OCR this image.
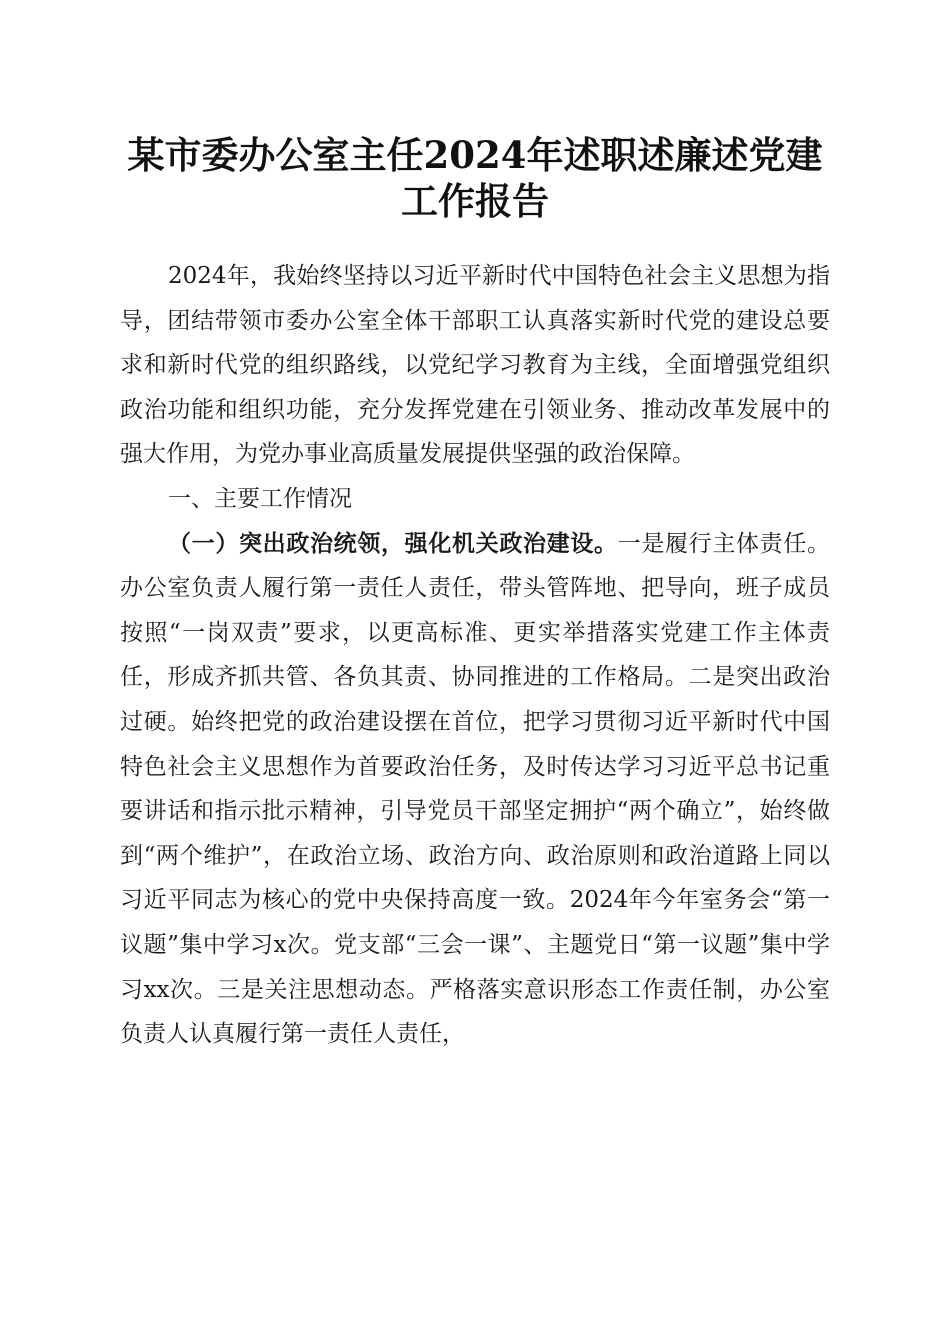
某市委办公室主任2024年述职述廉述党建工作报告

2024年，我始终坚持以习近平新时代中国特色社会主义思想为指导，团结带领市委办公室全体干部职工认真落实新时代党的建设总要求和新时代党的组织路线，以党纪学习教育为主线，全面增强党组织政治功能和组织功能，充分发挥党建在引领业务、推动改革发展中的强大作用，为党办事业高质量发展提供坚强的政治保障。

一、主要工作情况

（一）突出政治统领，强化机关政治建设。一是履行主体责任。办公室负责人履行第一责任人责任，带头管阵地、把导向，班子成员按照“一岗双责”要求，以更高标准、更实举措落实党建工作主体责任，形成齐抓共管、各负其责、协同推进的工作格局。二是突出政治过硬。始终把党的政治建设摆在首位，把学习贯彻习近平新时代中国特色社会主义思想作为首要政治任务，及时传达学习习近平总书记重要讲话和指示批示精神，引导党员干部坚定拥护“两个确立”，始终做到“两个维护”，在政治立场、政治方向、政治原则和政治道路上同以习近平同志为核心的党中央保持高度一致。2024年今年室务会“第一议题”集中学习x次。党支部“三会一课”、主题党日“第一议题”集中学习xx次。三是关注思想动态。严格落实意识形态工作责任制，办公室负责人认真履行第一责任人责任，
